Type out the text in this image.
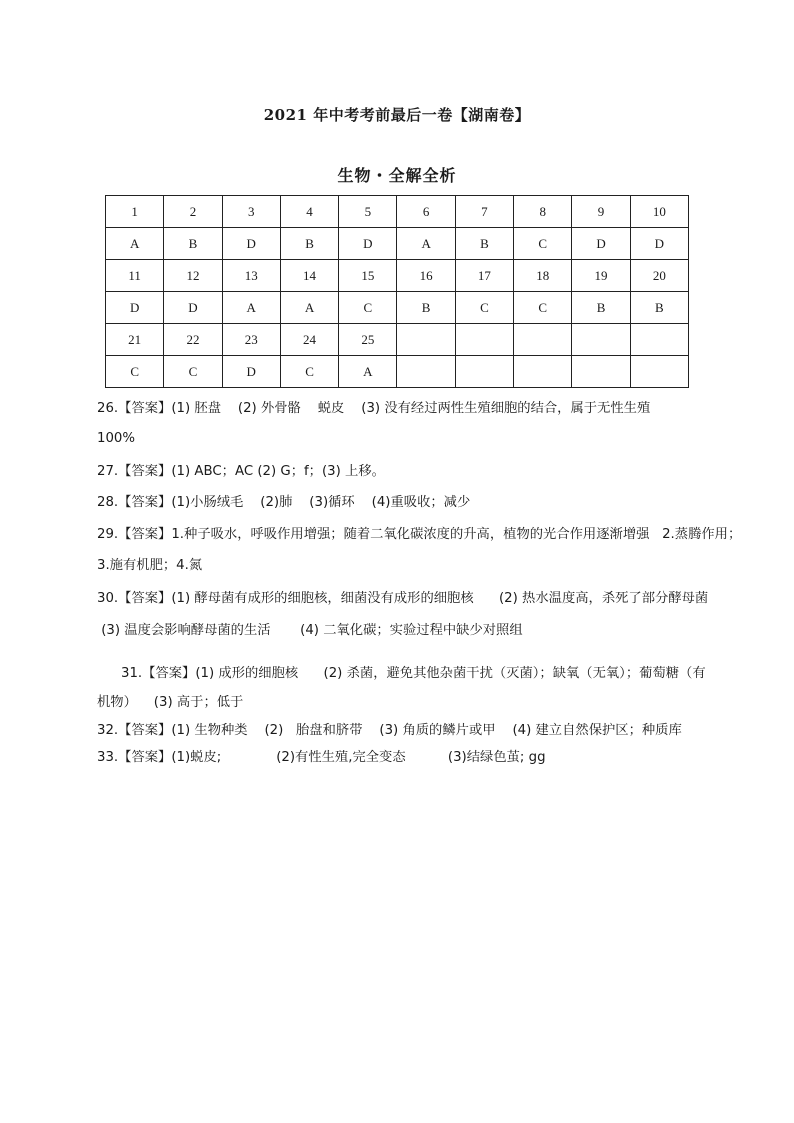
2021 年中考考前最后一卷【湖南卷】
生物・全解全析
1	2	3	4	5	6	7	8	9	10
A	B	D	B	D	A	B	C	D	D
11	12	13	14	15	16	17	18	19	20
D	D	A	A	C	B	C	C	B	B
21	22	23	24	25					
C	C	D	C	A					
26.【答案】(1) 胚盘    (2) 外骨骼    蜕皮    (3) 没有经过两性生殖细胞的结合，属于无性生殖
100%
27.【答案】(1) ABC；AC (2) G；f；(3) 上移。
28.【答案】(1)小肠绒毛    (2)肺    (3)循环    (4)重吸收；减少
29.【答案】1.种子吸水，呼吸作用增强；随着二氧化碳浓度的升高，植物的光合作用逐渐增强   2.蒸腾作用；
3.施有机肥；4.氮
30.【答案】(1) 酵母菌有成形的细胞核，细菌没有成形的细胞核      (2) 热水温度高，杀死了部分酵母菌
(3) 温度会影响酵母菌的生活       (4) 二氧化碳；实验过程中缺少对照组
31.【答案】(1) 成形的细胞核      (2) 杀菌，避免其他杂菌干扰（灭菌）；缺氧（无氧）；葡萄糖（有
机物）    (3) 高于；低于
32.【答案】(1) 生物种类    (2)   胎盘和脐带    (3) 角质的鳞片或甲    (4) 建立自然保护区；种质库
33.【答案】(1)蜕皮;             (2)有性生殖,完全变态          (3)结绿色茧; gg
